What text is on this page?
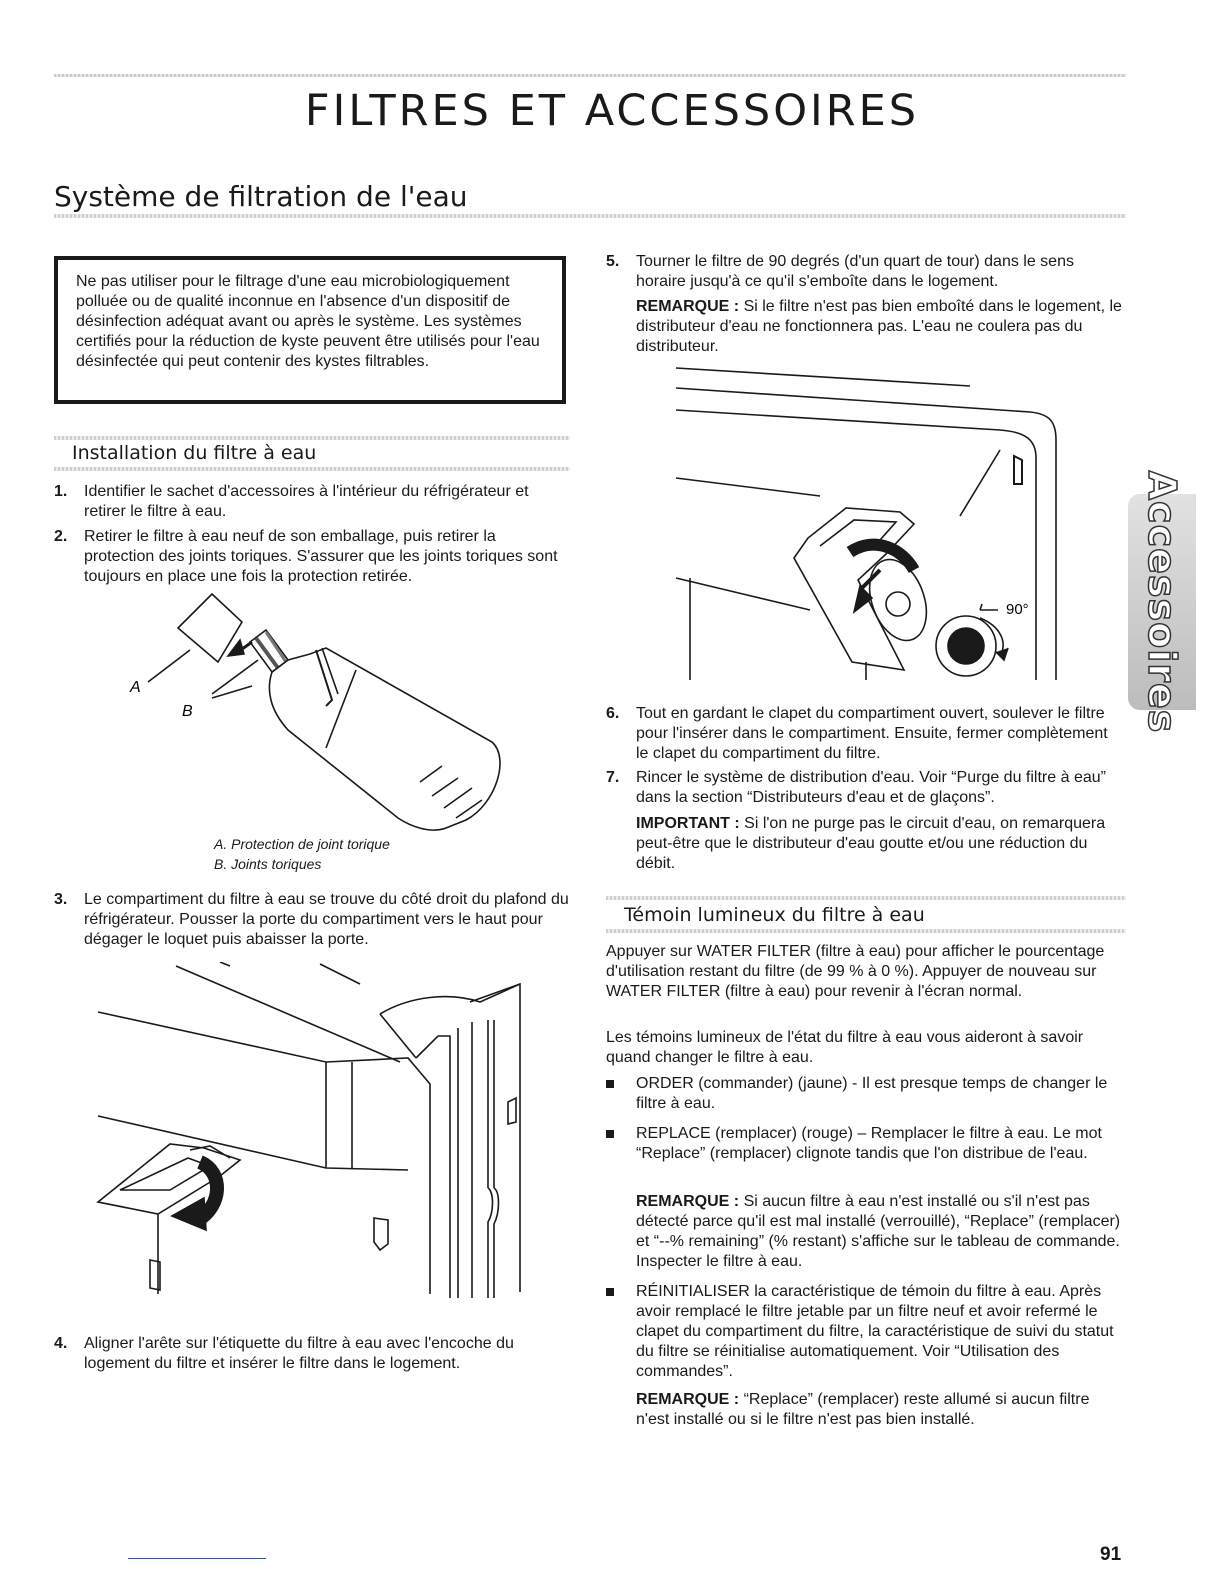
FILTRES ET ACCESSOIRES
Système de filtration de l'eau

Ne pas utiliser pour le filtrage d'une eau microbiologiquement polluée ou de qualité inconnue en l'absence d'un dispositif de désinfection adéquat avant ou après le système. Les systèmes certifiés pour la réduction de kyste peuvent être utilisés pour l'eau désinfectée qui peut contenir des kystes filtrables.

Installation du filtre à eau
1. Identifier le sachet d'accessoires à l'intérieur du réfrigérateur et retirer le filtre à eau.
2. Retirer le filtre à eau neuf de son emballage, puis retirer la protection des joints toriques. S'assurer que les joints toriques sont toujours en place une fois la protection retirée.
A
B
A. Protection de joint torique
B. Joints toriques
3. Le compartiment du filtre à eau se trouve du côté droit du plafond du réfrigérateur. Pousser la porte du compartiment vers le haut pour dégager le loquet puis abaisser la porte.
4. Aligner l'arête sur l'étiquette du filtre à eau avec l'encoche du logement du filtre et insérer le filtre dans le logement.
5. Tourner le filtre de 90 degrés (d'un quart de tour) dans le sens horaire jusqu'à ce qu'il s'emboîte dans le logement.
REMARQUE : Si le filtre n'est pas bien emboîté dans le logement, le distributeur d'eau ne fonctionnera pas. L'eau ne coulera pas du distributeur.
90°
6. Tout en gardant le clapet du compartiment ouvert, soulever le filtre pour l'insérer dans le compartiment. Ensuite, fermer complètement le clapet du compartiment du filtre.
7. Rincer le système de distribution d'eau. Voir “Purge du filtre à eau” dans la section “Distributeurs d'eau et de glaçons”.
IMPORTANT : Si l'on ne purge pas le circuit d'eau, on remarquera peut-être que le distributeur d'eau goutte et/ou une réduction du débit.
Témoin lumineux du filtre à eau
Appuyer sur WATER FILTER (filtre à eau) pour afficher le pourcentage d'utilisation restant du filtre (de 99 % à 0 %). Appuyer de nouveau sur WATER FILTER (filtre à eau) pour revenir à l'écran normal.
Les témoins lumineux de l'état du filtre à eau vous aideront à savoir quand changer le filtre à eau.
ORDER (commander) (jaune) - Il est presque temps de changer le filtre à eau.
REPLACE (remplacer) (rouge) – Remplacer le filtre à eau. Le mot “Replace” (remplacer) clignote tandis que l'on distribue de l'eau.
REMARQUE : Si aucun filtre à eau n'est installé ou s'il n'est pas détecté parce qu'il est mal installé (verrouillé), “Replace” (remplacer) et “--% remaining” (% restant) s'affiche sur le tableau de commande. Inspecter le filtre à eau.
RÉINITIALISER la caractéristique de témoin du filtre à eau. Après avoir remplacé le filtre jetable par un filtre neuf et avoir refermé le clapet du compartiment du filtre, la caractéristique de suivi du statut du filtre se réinitialise automatiquement. Voir “Utilisation des commandes”.
REMARQUE : “Replace” (remplacer) reste allumé si aucun filtre n'est installé ou si le filtre n'est pas bien installé.
Accessoires
91
